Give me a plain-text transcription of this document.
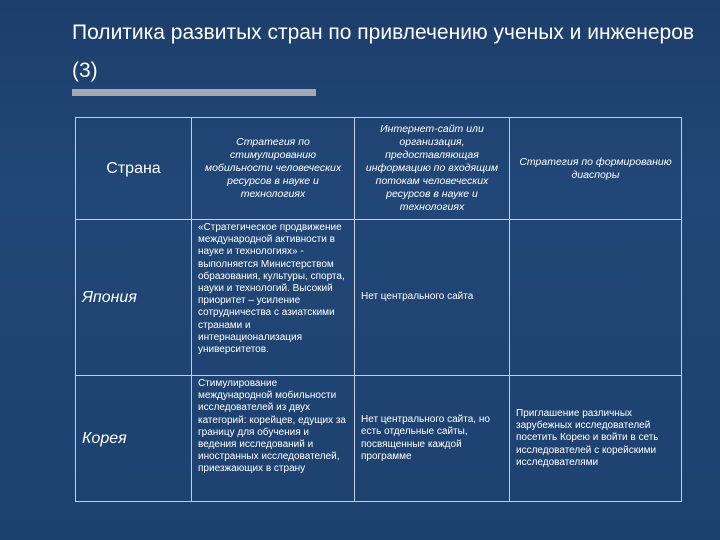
Политика развитых стран по привлечению ученых и инженеров (3)
Страна	Стратегия по стимулированию мобильности человеческих ресурсов в науке и технологиях	Интернет-сайт или организация, предоставляющая информацию по входящим потокам человеческих ресурсов в науке и технологиях	Стратегия по формированию диаспоры
Япония	«Стратегическое продвижение международной активности в науке и технологиях» - выполняется Министерством образования, культуры, спорта, науки и технологий. Высокий приоритет – усиление сотрудничества с азиатскими странами и интернационализация университетов.	Нет центрального сайта	
Корея	Стимулирование международной мобильности исследователей из двух категорий: корейцев, едущих за границу для обучения и ведения исследований и иностранных исследователей, приезжающих в страну	Нет центрального сайта, но есть отдельные сайты, посвященные каждой программе	Приглашение различных зарубежных исследователей посетить Корею и войти в сеть исследователей с корейскими исследователями
